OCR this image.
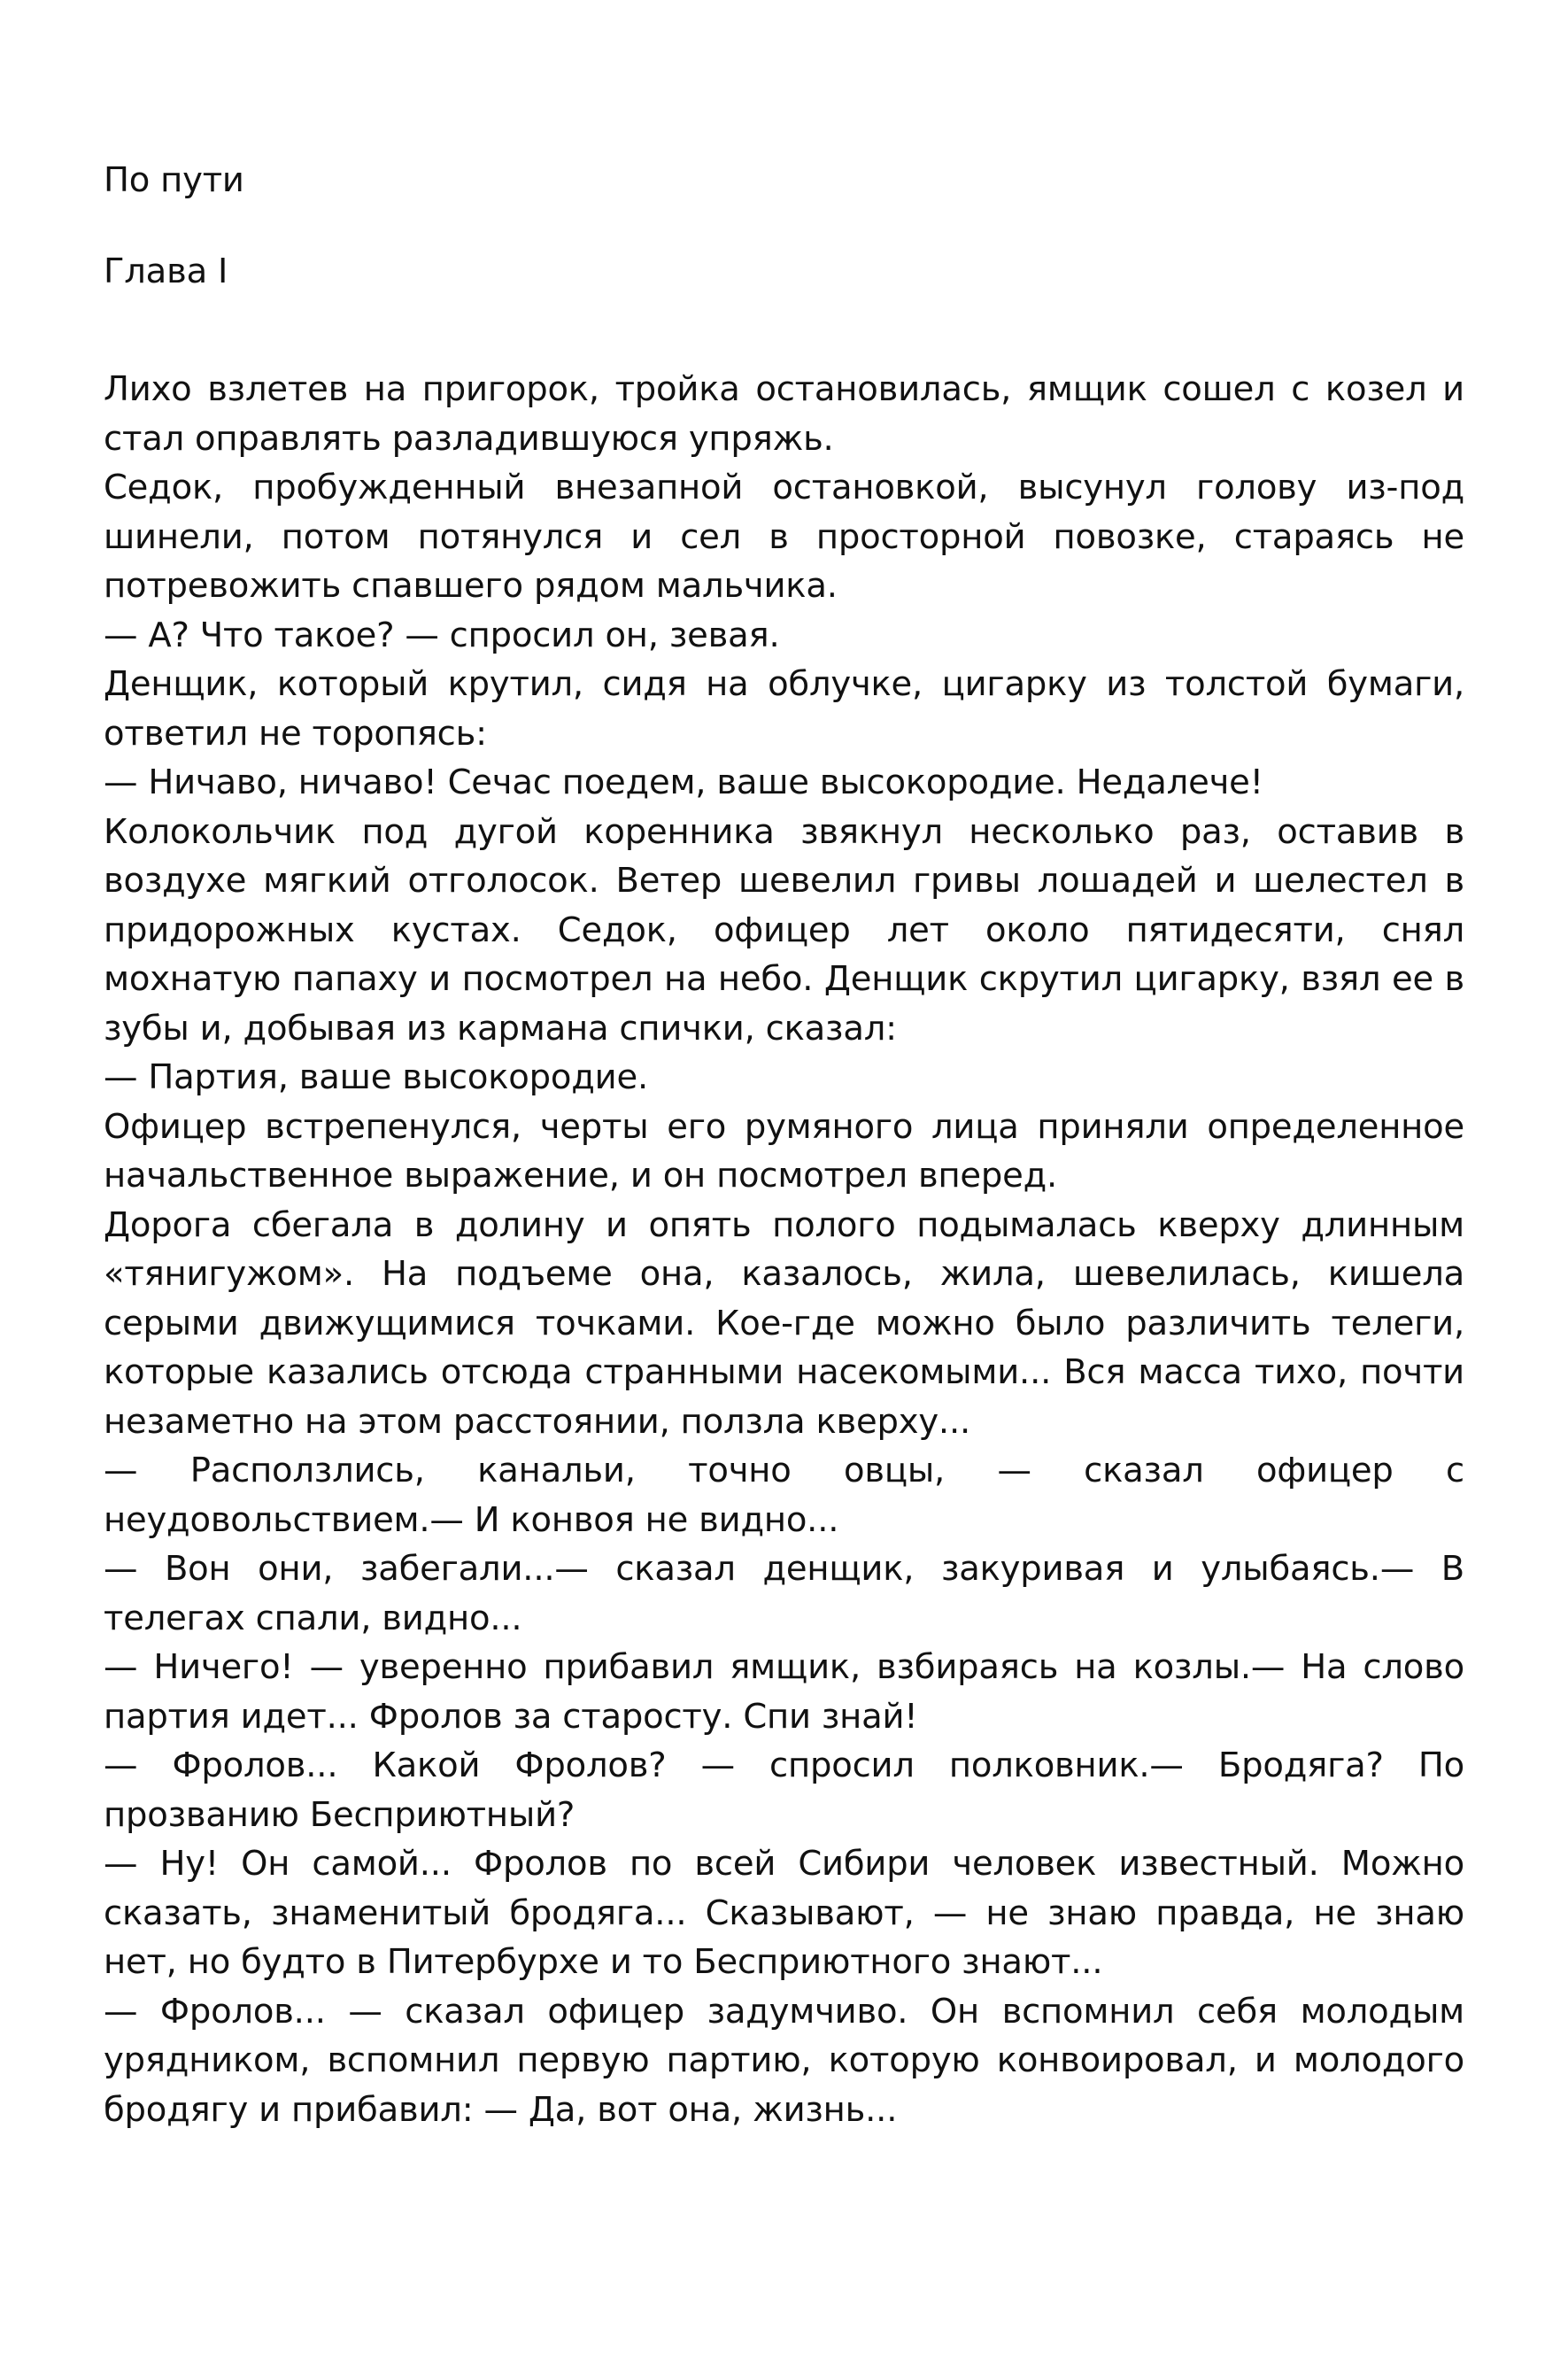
По пути
Глава I

Лихо взлетев на пригорок, тройка остановилась, ямщик сошел с козел и стал оправлять разладившуюся упряжь.

Седок, пробужденный внезапной остановкой, высунул голову из-под шинели, потом потянулся и сел в просторной повозке, стараясь не потревожить спавшего рядом мальчика.

— А? Что такое? — спросил он, зевая.

Денщик, который крутил, сидя на облучке, цигарку из толстой бумаги, ответил не торопясь:

— Ничаво, ничаво! Сечас поедем, ваше высокородие. Недалече!

Колокольчик под дугой коренника звякнул несколько раз, оставив в воздухе мягкий отголосок. Ветер шевелил гривы лошадей и шелестел в придорожных кустах. Седок, офицер лет около пятидесяти, снял мохнатую папаху и посмотрел на небо. Денщик скрутил цигарку, взял ее в зубы и, добывая из кармана спички, сказал:

— Партия, ваше высокородие.

Офицер встрепенулся, черты его румяного лица приняли определенное начальственное выражение, и он посмотрел вперед.

Дорога сбегала в долину и опять полого подымалась кверху длинным «тянигужом». На подъеме она, казалось, жила, шевелилась, кишела серыми движущимися точками. Кое-где можно было различить телеги, которые казались отсюда странными насекомыми... Вся масса тихо, почти незаметно на этом расстоянии, ползла кверху...

— Расползлись, канальи, точно овцы, — сказал офицер с неудовольствием.— И конвоя не видно...

— Вон они, забегали...— сказал денщик, закуривая и улыбаясь.— В телегах спали, видно...

— Ничего! — уверенно прибавил ямщик, взбираясь на козлы.— На слово партия идет... Фролов за старосту. Спи знай!

— Фролов... Какой Фролов? — спросил полковник.— Бродяга? По прозванию Бесприютный?

— Ну! Он самой... Фролов по всей Сибири человек известный. Можно сказать, знаменитый бродяга... Сказывают, — не знаю правда, не знаю нет, но будто в Питербурхе и то Бесприютного знают...

— Фролов... — сказал офицер задумчиво. Он вспомнил себя молодым урядником, вспомнил первую партию, которую конвоировал, и молодого бродягу и прибавил: — Да, вот она, жизнь...
